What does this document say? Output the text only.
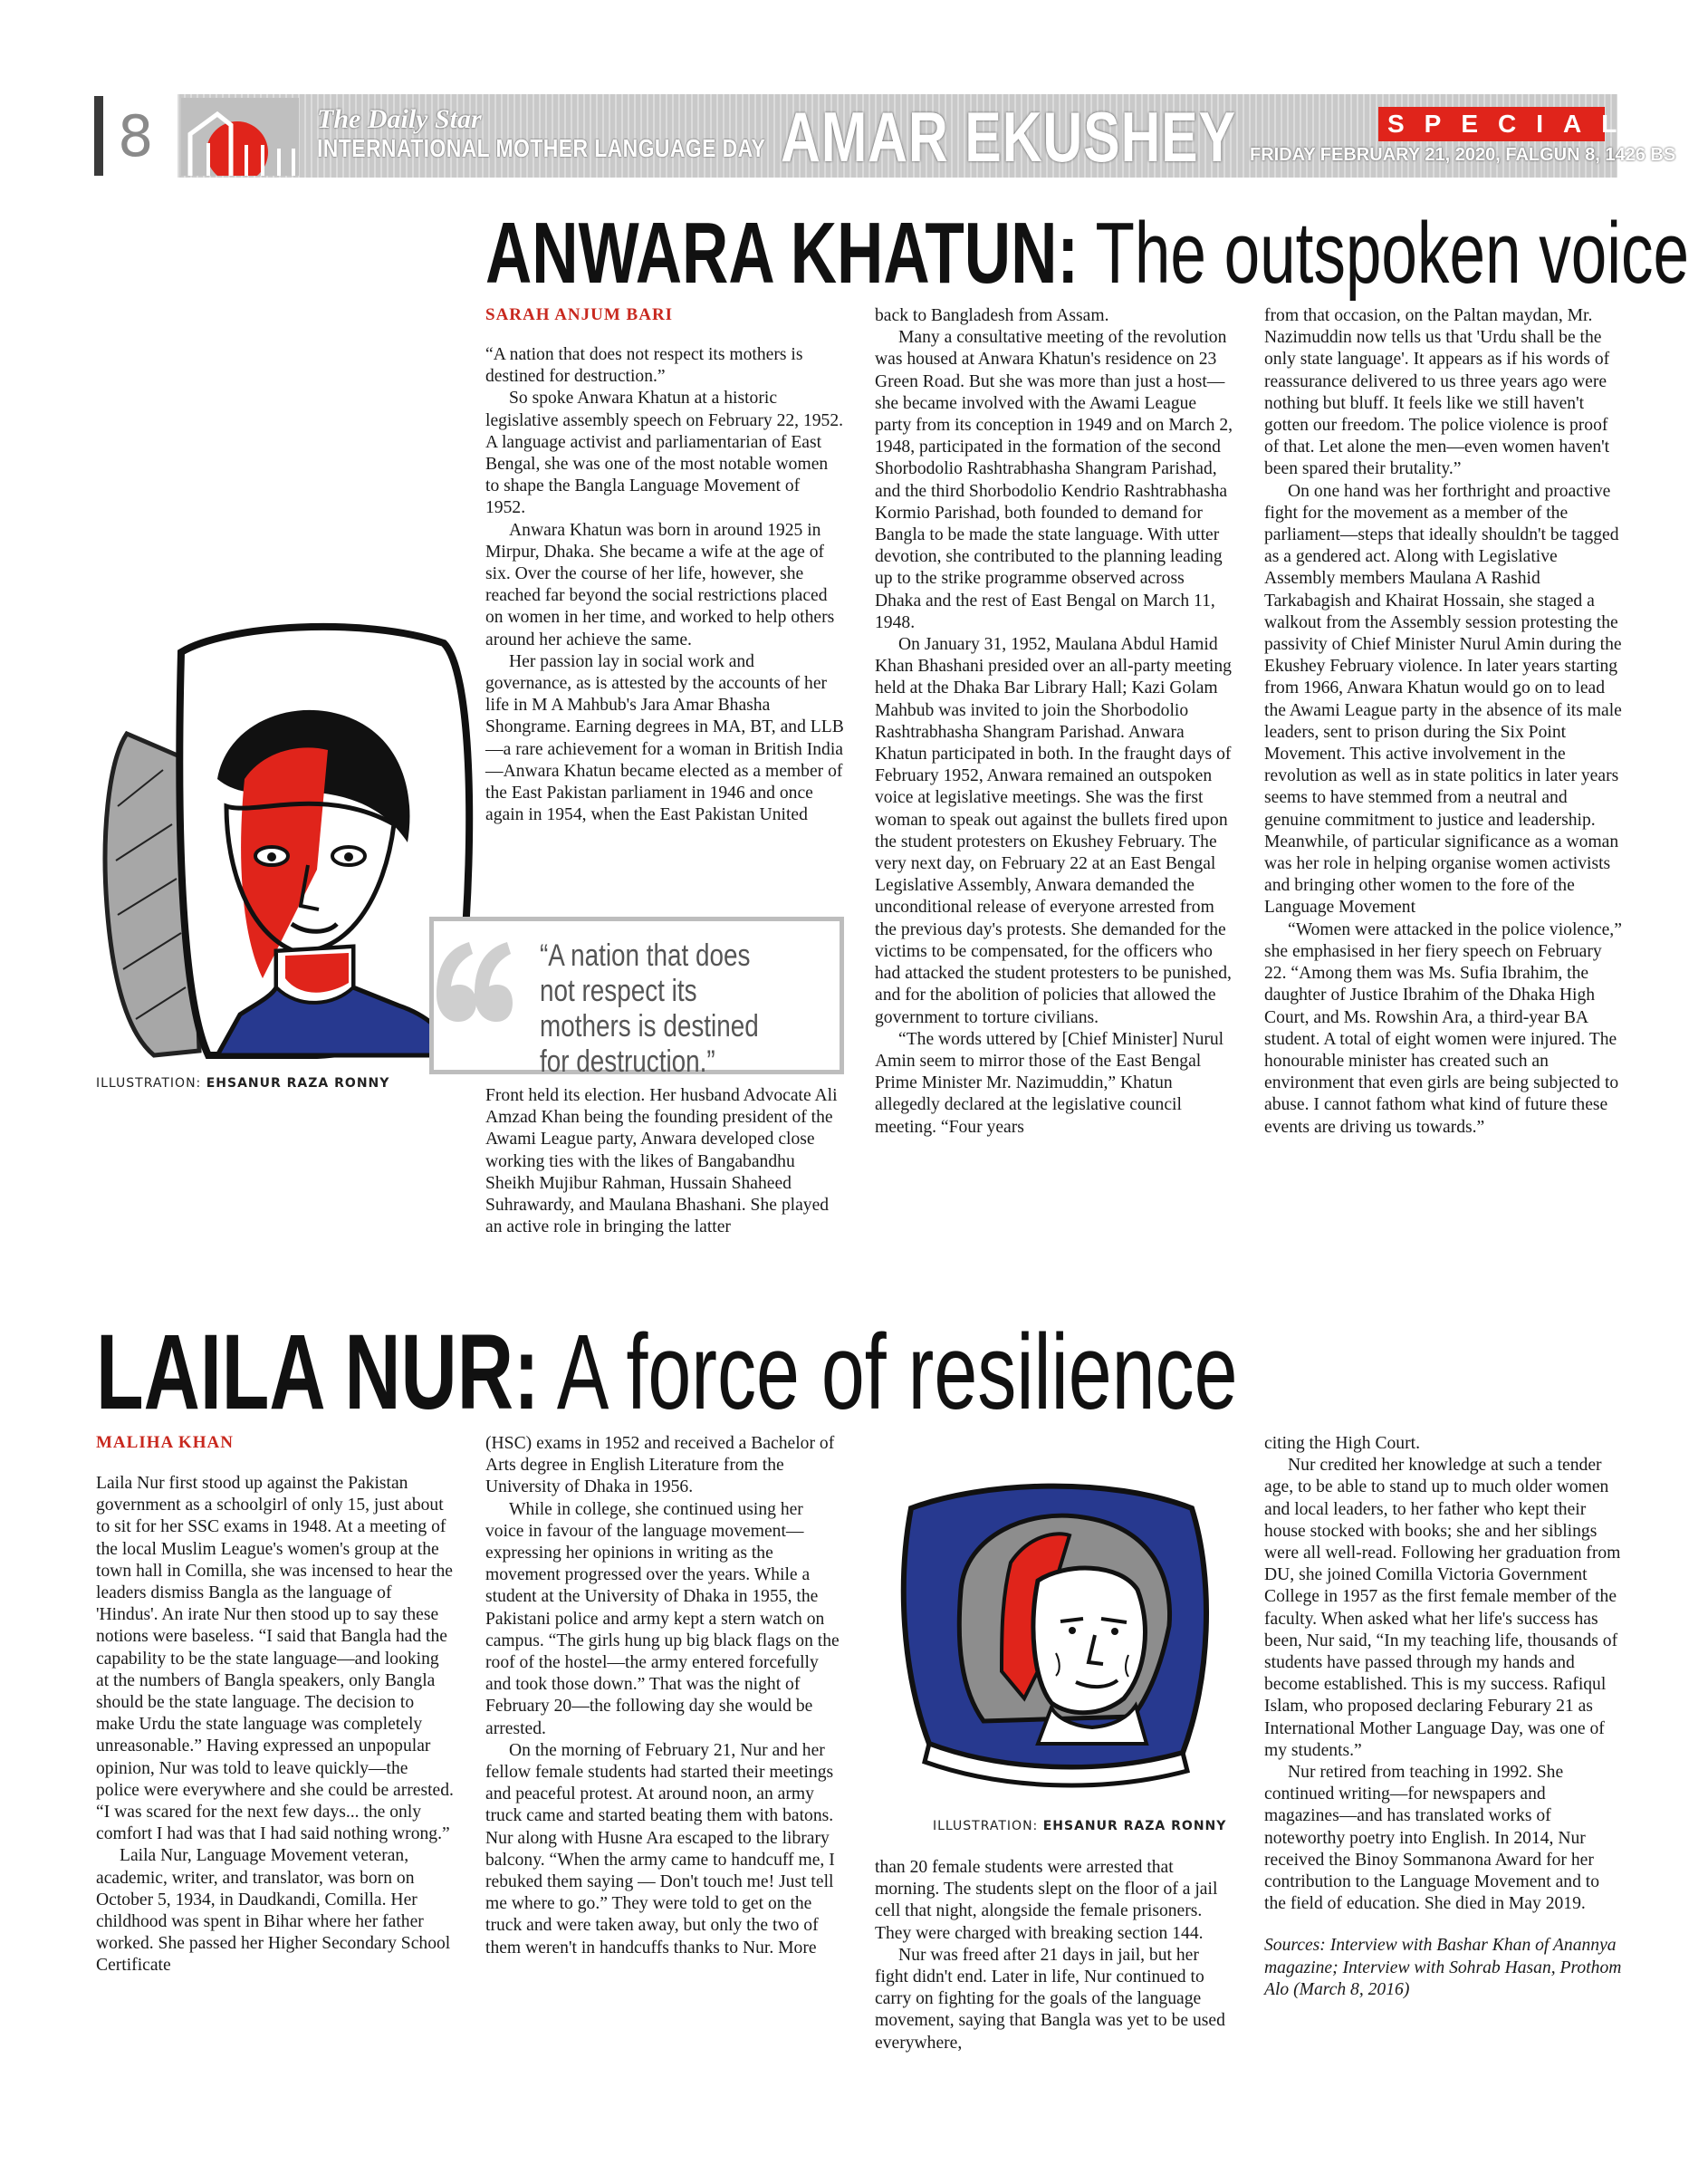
8	The Daily Star
INTERNATIONAL MOTHER LANGUAGE DAY AMAR EKUSHEY	SPECIAL
FRIDAY FEBRUARY 21, 2020, FALGUN 8, 1426 BS
ANWARA KHATUN: The outspoken voice
ILLUSTRATION: EHSANUR RAZA RONNY
SARAH ANJUM BARI

“A nation that does not respect its mothers is destined for destruction.”

So spoke Anwara Khatun at a historic legislative assembly speech on February 22, 1952. A language activist and parliamentarian of East Bengal, she was one of the most notable women to shape the Bangla Language Movement of 1952.

Anwara Khatun was born in around 1925 in Mirpur, Dhaka. She became a wife at the age of six. Over the course of her life, however, she reached far beyond the social restrictions placed on women in her time, and worked to help others around her achieve the same.

Her passion lay in social work and governance, as is attested by the accounts of her life in M A Mahbub's Jara Amar Bhasha Shongrame. Earning degrees in MA, BT, and LLB—a rare achievement for a woman in British India—Anwara Khatun became elected as a member of the East Pakistan parliament in 1946 and once again in 1954, when the East Pakistan United

“A nation that does not respect its mothers is destined for destruction.”

Front held its election. Her husband Advocate Ali Amzad Khan being the founding president of the Awami League party, Anwara developed close working ties with the likes of Bangabandhu Sheikh Mujibur Rahman, Hussain Shaheed Suhrawardy, and Maulana Bhashani. She played an active role in bringing the latter

back to Bangladesh from Assam.

Many a consultative meeting of the revolution was housed at Anwara Khatun's residence on 23 Green Road. But she was more than just a host—she became involved with the Awami League party from its conception in 1949 and on March 2, 1948, participated in the formation of the second Shorbodolio Rashtrabhasha Shangram Parishad, and the third Shorbodolio Kendrio Rashtrabhasha Kormio Parishad, both founded to demand for Bangla to be made the state language. With utter devotion, she contributed to the planning leading up to the strike programme observed across Dhaka and the rest of East Bengal on March 11, 1948.

On January 31, 1952, Maulana Abdul Hamid Khan Bhashani presided over an all-party meeting held at the Dhaka Bar Library Hall; Kazi Golam Mahbub was invited to join the Shorbodolio Rashtrabhasha Shangram Parishad. Anwara Khatun participated in both. In the fraught days of February 1952, Anwara remained an outspoken voice at legislative meetings. She was the first woman to speak out against the bullets fired upon the student protesters on Ekushey February. The very next day, on February 22 at an East Bengal Legislative Assembly, Anwara demanded the unconditional release of everyone arrested from the previous day's protests. She demanded for the victims to be compensated, for the officers who had attacked the student protesters to be punished, and for the abolition of policies that allowed the government to torture civilians.

“The words uttered by [Chief Minister] Nurul Amin seem to mirror those of the East Bengal Prime Minister Mr. Nazimuddin,” Khatun allegedly declared at the legislative council meeting. “Four years

from that occasion, on the Paltan maydan, Mr. Nazimuddin now tells us that 'Urdu shall be the only state language'. It appears as if his words of reassurance delivered to us three years ago were nothing but bluff. It feels like we still haven't gotten our freedom. The police violence is proof of that. Let alone the men—even women haven't been spared their brutality.”

On one hand was her forthright and proactive fight for the movement as a member of the parliament—steps that ideally shouldn't be tagged as a gendered act. Along with Legislative Assembly members Maulana A Rashid Tarkabagish and Khairat Hossain, she staged a walkout from the Assembly session protesting the passivity of Chief Minister Nurul Amin during the Ekushey February violence. In later years starting from 1966, Anwara Khatun would go on to lead the Awami League party in the absence of its male leaders, sent to prison during the Six Point Movement. This active involvement in the revolution as well as in state politics in later years seems to have stemmed from a neutral and genuine commitment to justice and leadership. Meanwhile, of particular significance as a woman was her role in helping organise women activists and bringing other women to the fore of the Language Movement

“Women were attacked in the police violence,” she emphasised in her fiery speech on February 22. “Among them was Ms. Sufia Ibrahim, the daughter of Justice Ibrahim of the Dhaka High Court, and Ms. Rowshin Ara, a third-year BA student. A total of eight women were injured. The honourable minister has created such an environment that even girls are being subjected to abuse. I cannot fathom what kind of future these events are driving us towards.”

LAILA NUR: A force of resilience
MALIHA KHAN

Laila Nur first stood up against the Pakistan government as a schoolgirl of only 15, just about to sit for her SSC exams in 1948. At a meeting of the local Muslim League's women's group at the town hall in Comilla, she was incensed to hear the leaders dismiss Bangla as the language of 'Hindus'. An irate Nur then stood up to say these notions were baseless. “I said that Bangla had the capability to be the state language—and looking at the numbers of Bangla speakers, only Bangla should be the state language. The decision to make Urdu the state language was completely unreasonable.” Having expressed an unpopular opinion, Nur was told to leave quickly—the police were everywhere and she could be arrested. “I was scared for the next few days... the only comfort I had was that I had said nothing wrong.”

Laila Nur, Language Movement veteran, academic, writer, and translator, was born on October 5, 1934, in Daudkandi, Comilla. Her childhood was spent in Bihar where her father worked. She passed her Higher Secondary School Certificate

(HSC) exams in 1952 and received a Bachelor of Arts degree in English Literature from the University of Dhaka in 1956.

While in college, she continued using her voice in favour of the language movement—expressing her opinions in writing as the movement progressed over the years. While a student at the University of Dhaka in 1955, the Pakistani police and army kept a stern watch on campus. “The girls hung up big black flags on the roof of the hostel—the army entered forcefully and took those down.” That was the night of February 20—the following day she would be arrested.

On the morning of February 21, Nur and her fellow female students had started their meetings and peaceful protest. At around noon, an army truck came and started beating them with batons. Nur along with Husne Ara escaped to the library balcony. “When the army came to handcuff me, I rebuked them saying — Don't touch me! Just tell me where to go.” They were told to get on the truck and were taken away, but only the two of them weren't in handcuffs thanks to Nur. More

ILLUSTRATION: EHSANUR RAZA RONNY

than 20 female students were arrested that morning. The students slept on the floor of a jail cell that night, alongside the female prisoners. They were charged with breaking section 144.

Nur was freed after 21 days in jail, but her fight didn't end. Later in life, Nur continued to carry on fighting for the goals of the language movement, saying that Bangla was yet to be used everywhere,

citing the High Court.

Nur credited her knowledge at such a tender age, to be able to stand up to much older women and local leaders, to her father who kept their house stocked with books; she and her siblings were all well-read. Following her graduation from DU, she joined Comilla Victoria Government College in 1957 as the first female member of the faculty. When asked what her life's success has been, Nur said, “In my teaching life, thousands of students have passed through my hands and become established. This is my success. Rafiqul Islam, who proposed declaring Feburary 21 as International Mother Language Day, was one of my students.”

Nur retired from teaching in 1992. She continued writing—for newspapers and magazines—and has translated works of noteworthy poetry into English. In 2014, Nur received the Binoy Sommanona Award for her contribution to the Language Movement and to the field of education. She died in May 2019.

Sources: Interview with Bashar Khan of Anannya magazine; Interview with Sohrab Hasan, Prothom Alo (March 8, 2016)
